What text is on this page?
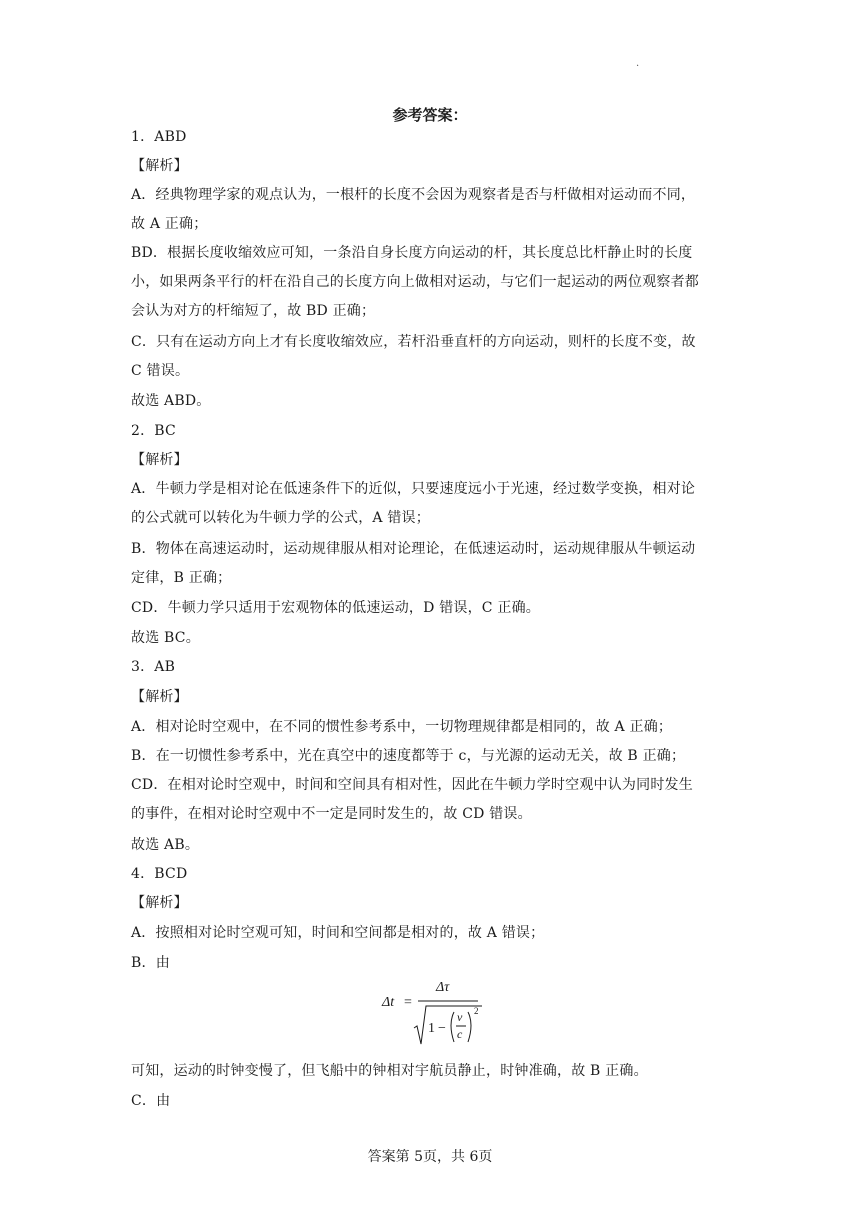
.
参考答案：
1．ABD
【解析】
A．经典物理学家的观点认为，一根杆的长度不会因为观察者是否与杆做相对运动而不同，
故 A 正确；
BD．根据长度收缩效应可知，一条沿自身长度方向运动的杆，其长度总比杆静止时的长度
小，如果两条平行的杆在沿自己的长度方向上做相对运动，与它们一起运动的两位观察者都
会认为对方的杆缩短了，故 BD 正确；
C．只有在运动方向上才有长度收缩效应，若杆沿垂直杆的方向运动，则杆的长度不变，故
C 错误。
故选 ABD。
2．BC
【解析】
A．牛顿力学是相对论在低速条件下的近似，只要速度远小于光速，经过数学变换，相对论
的公式就可以转化为牛顿力学的公式，A 错误；
B．物体在高速运动时，运动规律服从相对论理论，在低速运动时，运动规律服从牛顿运动
定律，B 正确；
CD．牛顿力学只适用于宏观物体的低速运动，D 错误，C 正确。
故选 BC。
3．AB
【解析】
A．相对论时空观中，在不同的惯性参考系中，一切物理规律都是相同的，故 A 正确；
B．在一切惯性参考系中，光在真空中的速度都等于 c，与光源的运动无关，故 B 正确；
CD．在相对论时空观中，时间和空间具有相对性，因此在牛顿力学时空观中认为同时发生
的事件，在相对论时空观中不一定是同时发生的，故 CD 错误。
故选 AB。
4．BCD
【解析】
A．按照相对论时空观可知，时间和空间都是相对的，故 A 错误；
B．由
Δt =
Δτ
1 −
v
c
2
可知，运动的时钟变慢了，但飞船中的钟相对宇航员静止，时钟准确，故 B 正确。
C．由
答案第 5页，共 6页
